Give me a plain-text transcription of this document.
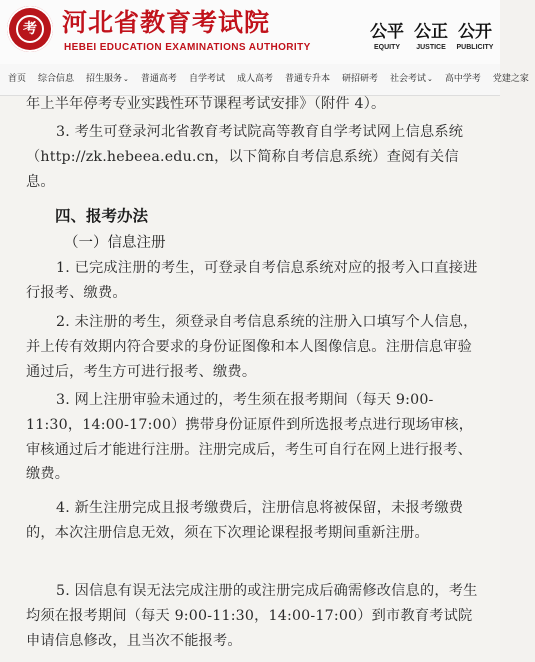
考 河北省教育考试院
HEBEI EDUCATION EXAMINATIONS AUTHORITY
公平
EQUITY
公正
JUSTICE
公开
PUBLICITY
首页	综合信息	招生服务⌄	普通高考	自学考试	成人高考	普通专升本	研招研考	社会考试⌄	高中学考	党建之家

年上半年停考专业实践性环节课程考试安排》（附件 4）。

3. 考生可登录河北省教育考试院高等教育自学考试网上信息系统（http://zk.hebeea.edu.cn，以下简称自考信息系统）查阅有关信息。

四、报考办法
（一）信息注册

1. 已完成注册的考生，可登录自考信息系统对应的报考入口直接进行报考、缴费。

2. 未注册的考生，须登录自考信息系统的注册入口填写个人信息，并上传有效期内符合要求的身份证图像和本人图像信息。注册信息审验通过后，考生方可进行报考、缴费。

3. 网上注册审验未通过的，考生须在报考期间（每天 9:00-11:30，14:00-17:00）携带身份证原件到所选报考点进行现场审核，审核通过后才能进行注册。注册完成后，考生可自行在网上进行报考、缴费。

4. 新生注册完成且报考缴费后，注册信息将被保留，未报考缴费的，本次注册信息无效，须在下次理论课程报考期间重新注册。

5. 因信息有误无法完成注册的或注册完成后确需修改信息的，考生均须在报考期间（每天 9:00-11:30，14:00-17:00）到市教育考试院申请信息修改，且当次不能报考。
